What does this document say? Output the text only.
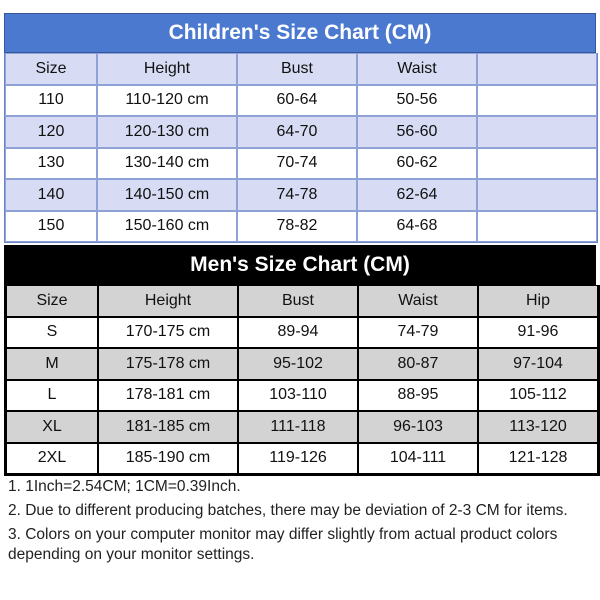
Children's Size Chart (CM)
Size	Height	Bust	Waist	
110	110-120 cm	60-64	50-56	
120	120-130 cm	64-70	56-60	
130	130-140 cm	70-74	60-62	
140	140-150 cm	74-78	62-64	
150	150-160 cm	78-82	64-68	
Men's Size Chart (CM)
Size	Height	Bust	Waist	Hip
S	170-175 cm	89-94	74-79	91-96
M	175-178 cm	95-102	80-87	97-104
L	178-181 cm	103-110	88-95	105-112
XL	181-185 cm	111-118	96-103	113-120
2XL	185-190 cm	119-126	104-111	121-128

1. 1Inch=2.54CM; 1CM=0.39Inch.

2. Due to different producing batches, there may be deviation of 2-3 CM for items.

3. Colors on your computer monitor may differ slightly from actual product colors depending on your monitor settings.
